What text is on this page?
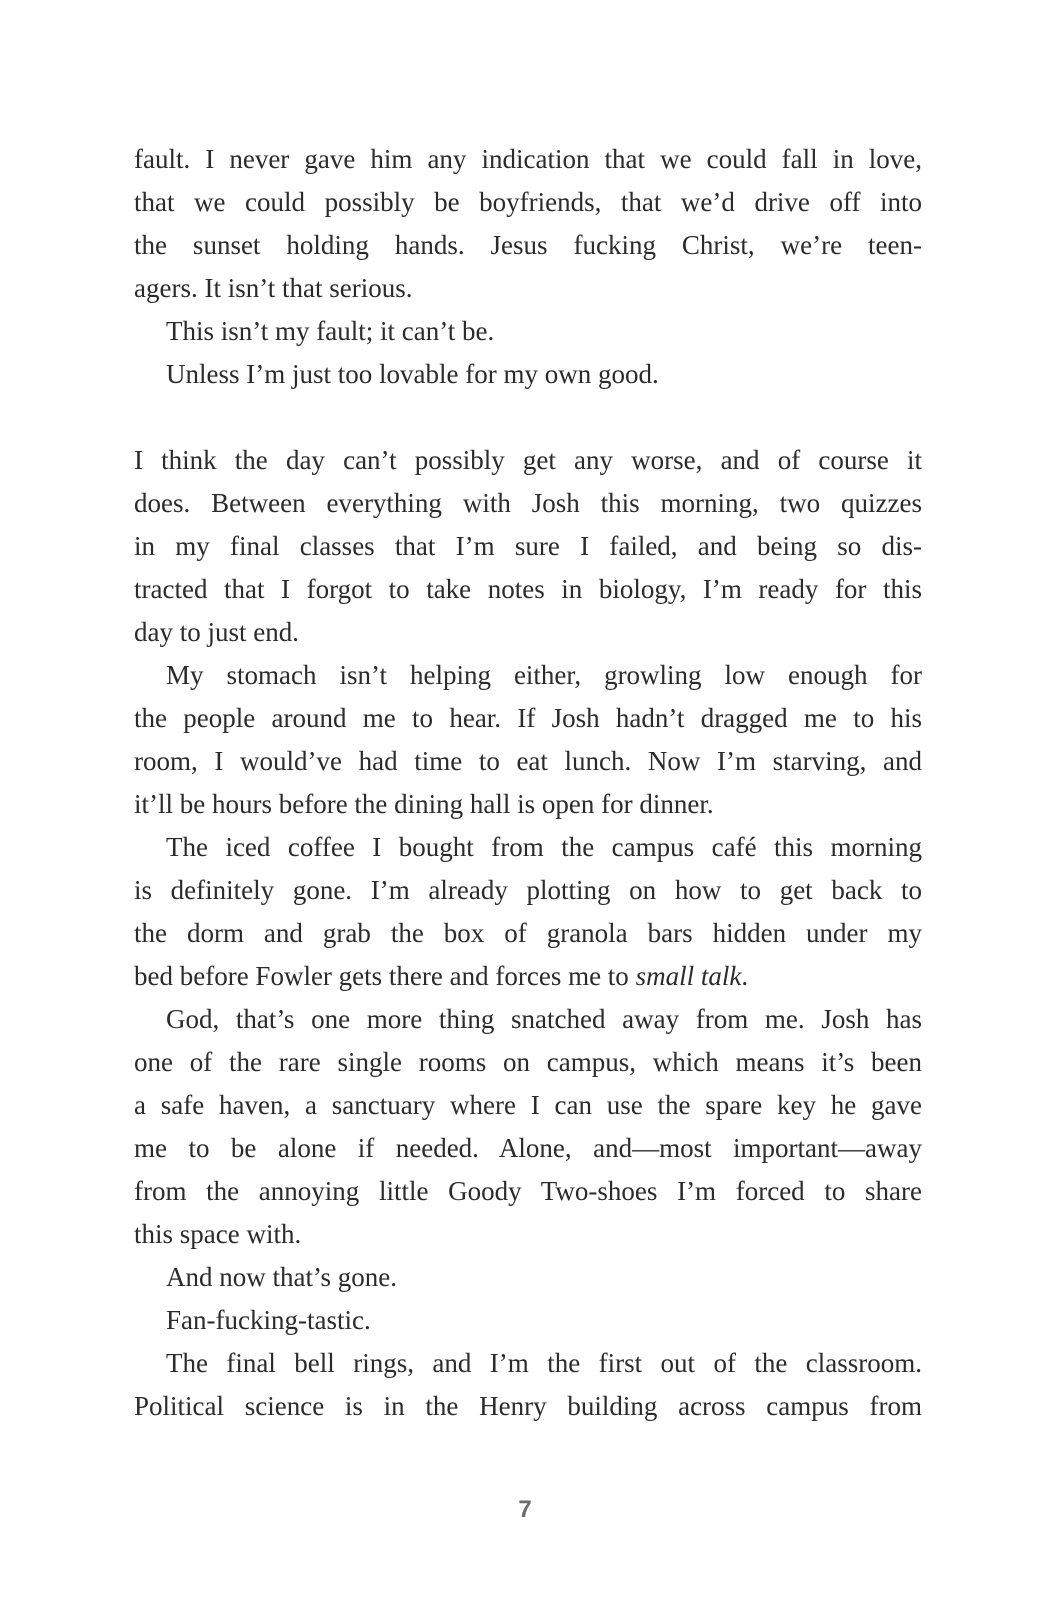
fault. I never gave him any indication that we could fall in love,
that we could possibly be boyfriends, that we’d drive off into
the sunset holding hands. Jesus fucking Christ, we’re teen-
agers. It isn’t that serious.
This isn’t my fault; it can’t be.
Unless I’m just too lovable for my own good.
I think the day can’t possibly get any worse, and of course it
does. Between everything with Josh this morning, two quizzes
in my final classes that I’m sure I failed, and being so dis-
tracted that I forgot to take notes in biology, I’m ready for this
day to just end.
My stomach isn’t helping either, growling low enough for
the people around me to hear. If Josh hadn’t dragged me to his
room, I would’ve had time to eat lunch. Now I’m starving, and
it’ll be hours before the dining hall is open for dinner.
The iced coffee I bought from the campus café this morning
is definitely gone. I’m already plotting on how to get back to
the dorm and grab the box of granola bars hidden under my
bed before Fowler gets there and forces me to small talk.
God, that’s one more thing snatched away from me. Josh has
one of the rare single rooms on campus, which means it’s been
a safe haven, a sanctuary where I can use the spare key he gave
me to be alone if needed. Alone, and—most important—away
from the annoying little Goody Two-shoes I’m forced to share
this space with.
And now that’s gone.
Fan-fucking-tastic.
The final bell rings, and I’m the first out of the classroom.
Political science is in the Henry building across campus from
7
